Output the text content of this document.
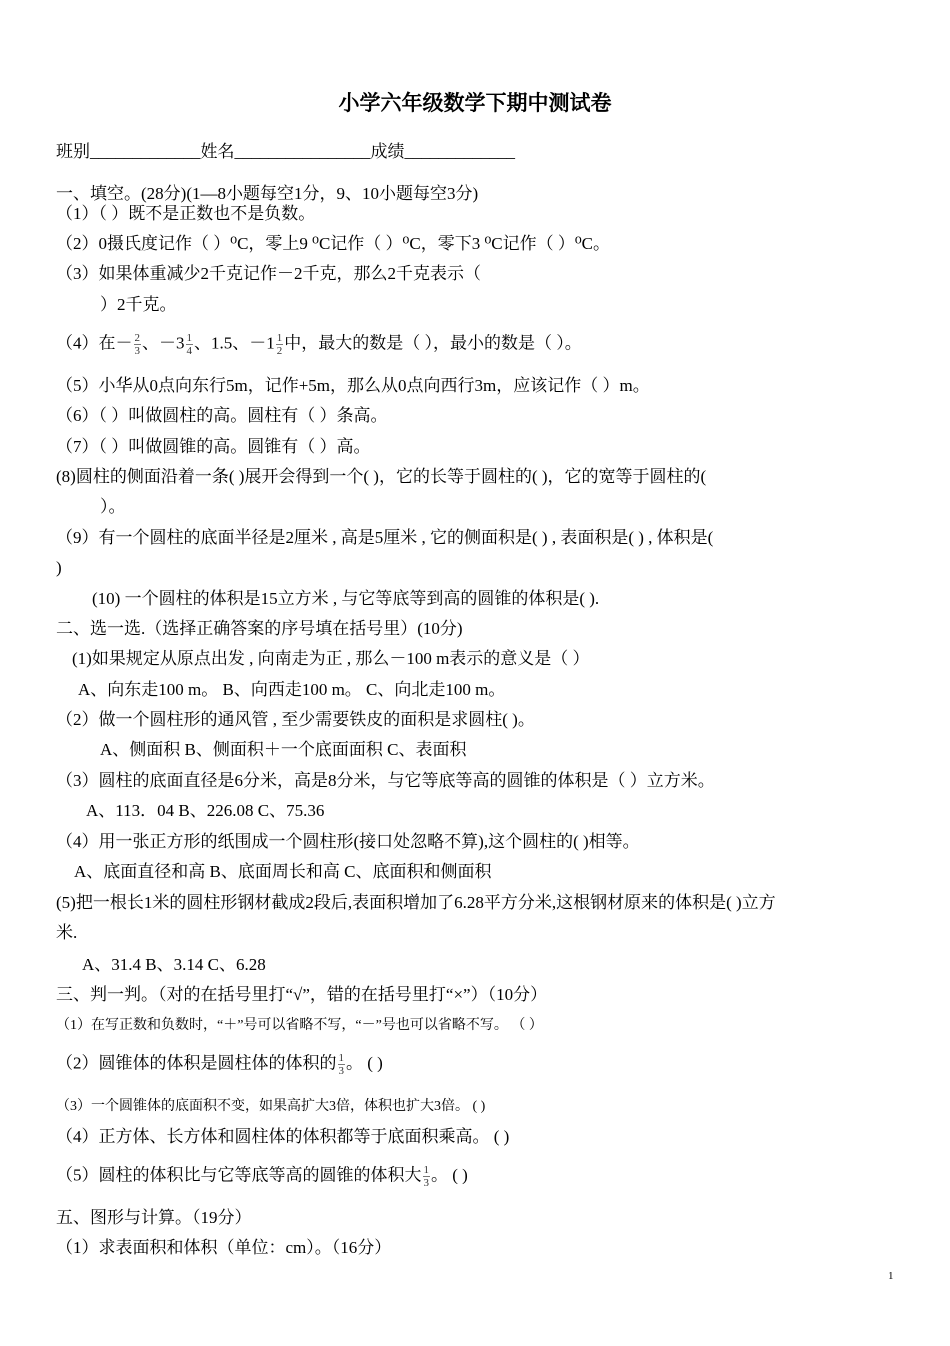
小学六年级数学下期中测试卷
班别_____________姓名________________成绩_____________
一、填空。(28分)(1—8小题每空1分，9、10小题每空3分)
（1）（ ）既不是正数也不是负数。
（2）0摄氏度记作（ ）⁰C，零上9 ⁰C记作（ ）⁰C，零下3 ⁰C记作（ ）⁰C。
（3）如果体重减少2千克记作－2千克，那么2千克表示（
）2千克。
（4）在－ $\frac{2}{3}$ 、$-3 \frac{1}{4}$ 、1.5、$-1 \frac{1}{2}$ 中，最大的数是（ ），最小的数是（ ）。
（5）小华从0点向东行5m，记作+5m，那么从0点向西行3m，应该记作（ ）m。
（6）（ ）叫做圆柱的高。圆柱有（ ）条高。
（7）（ ）叫做圆锥的高。圆锥有（ ）高。
(8)圆柱的侧面沿着一条( )展开会得到一个( )，它的长等于圆柱的( )，它的宽等于圆柱的(
）。
（9）有一个圆柱的底面半径是2厘米 , 高是5厘米 , 它的侧面积是( ) , 表面积是( ) , 体积是(
)
(10) 一个圆柱的体积是15立方米 , 与它等底等到高的圆锥的体积是( ).
二、选一选.（选择正确答案的序号填在括号里）(10分)
(1)如果规定从原点出发 , 向南走为正 , 那么－100 m表示的意义是（ ）
A、向东走100 m。 B、向西走100 m。 C、向北走100 m。
（2）做一个圆柱形的通风管 , 至少需要铁皮的面积是求圆柱( )。
A、侧面积 B、侧面积＋一个底面面积 C、表面积
（3）圆柱的底面直径是6分米，高是8分米，与它等底等高的圆锥的体积是（ ）立方米。
A、113．04 B、226.08 C、75.36
（4）用一张正方形的纸围成一个圆柱形(接口处忽略不算),这个圆柱的( )相等。
A、底面直径和高 B、底面周长和高 C、底面积和侧面积
(5)把一根长1米的圆柱形钢材截成2段后,表面积增加了6.28平方分米,这根钢材原来的体积是( )立方
米.
A、31.4 B、3.14 C、6.28
三、判一判。（对的在括号里打“√”，错的在括号里打“×”）（10分）
（1）在写正数和负数时，“＋”号可以省略不写，“－”号也可以省略不写。 （ ）
（2）圆锥体的体积是圆柱体的体积的 $\frac{1}{3}$ 。 ( )
（3）一个圆锥体的底面积不变，如果高扩大3倍，体积也扩大3倍。 ( )
（4）正方体、长方体和圆柱体的体积都等于底面积乘高。 ( )
（5）圆柱的体积比与它等底等高的圆锥的体积大 $\frac{1}{3}$ 。 ( )
五、图形与计算。（19分）
（1）求表面积和体积（单位：cm）。（16分）
1
